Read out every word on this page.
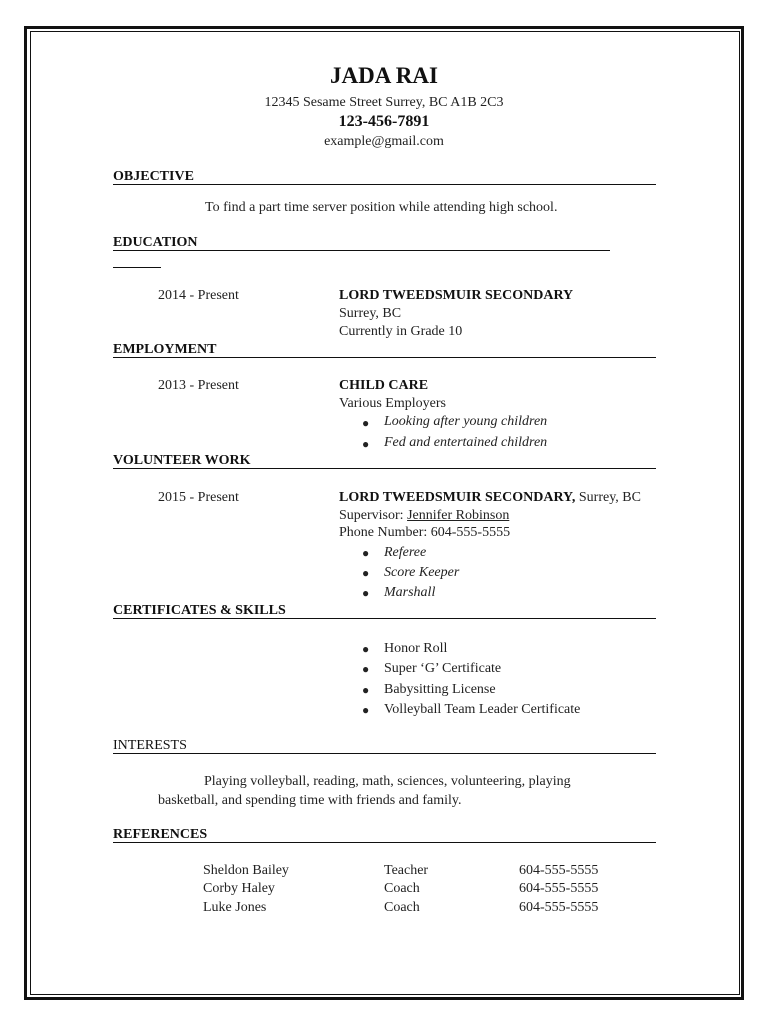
JADA RAI
12345 Sesame Street Surrey, BC A1B 2C3
123-456-7891
example@gmail.com
OBJECTIVE
To find a part time server position while attending high school.
EDUCATION
2014 - Present	LORD TWEEDSMUIR SECONDARY
Surrey, BC
Currently in Grade 10
EMPLOYMENT
2013 - Present	CHILD CARE
Various Employers
● Looking after young children
● Fed and entertained children
VOLUNTEER WORK
2015 - Present	LORD TWEEDSMUIR SECONDARY, Surrey, BC
Supervisor: Jennifer Robinson
Phone Number: 604-555-5555
● Referee
● Score Keeper
● Marshall
CERTIFICATES & SKILLS
● Honor Roll
● Super ‘G’ Certificate
● Babysitting License
● Volleyball Team Leader Certificate
INTERESTS
Playing volleyball, reading, math, sciences, volunteering, playing
basketball, and spending time with friends and family.
REFERENCES
Sheldon Bailey	Teacher	604-555-5555
Corby Haley	Coach	604-555-5555
Luke Jones	Coach	604-555-5555
